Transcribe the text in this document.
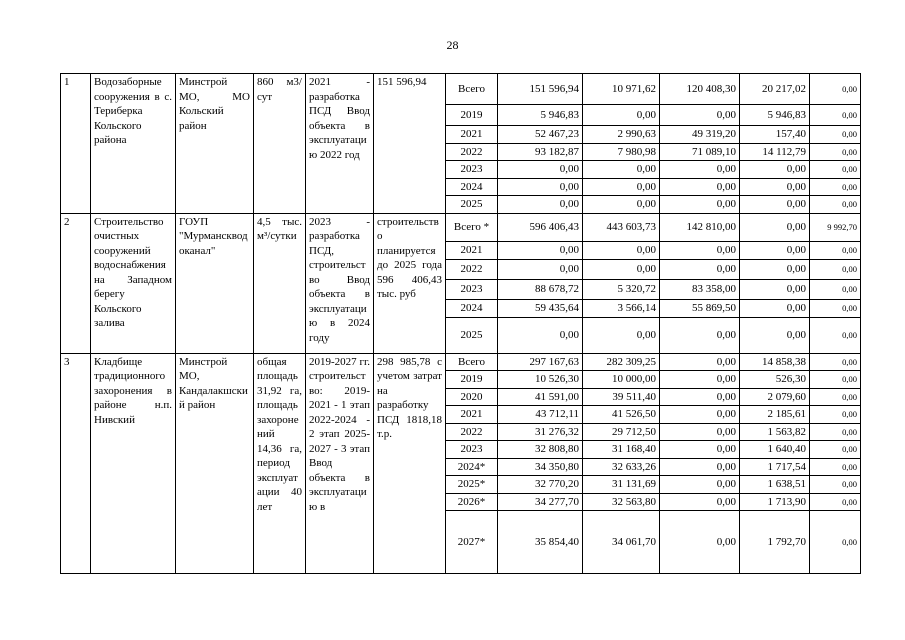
28
1	Водозаборные сооружения в с. Териберка Кольского района	Минстрой МО, МО Кольский район	860 м3/сут	2021 - разработка ПСД Ввод объекта в эксплуатацию 2022 год	151 596,94	Всего	151 596,94	10 971,62	120 408,30	20 217,02	0,00
						2019	5 946,83	0,00	0,00	5 946,83	0,00
						2021	52 467,23	2 990,63	49 319,20	157,40	0,00
						2022	93 182,87	7 980,98	71 089,10	14 112,79	0,00
						2023	0,00	0,00	0,00	0,00	0,00
						2024	0,00	0,00	0,00	0,00	0,00
						2025	0,00	0,00	0,00	0,00	0,00
2	Строительство очистных сооружений водоснабжения на Западном берегу Кольского залива	ГОУП "Мурманскводоканал"	4,5 тыс. м³/сутки	2023 - разработка ПСД, строительство Ввод объекта в эксплуатацию в 2024 году	строительство планируется до 2025 года 596 406,43 тыс. руб	Всего *	596 406,43	443 603,73	142 810,00	0,00	9 992,70
						2021	0,00	0,00	0,00	0,00	0,00
						2022	0,00	0,00	0,00	0,00	0,00
						2023	88 678,72	5 320,72	83 358,00	0,00	0,00
						2024	59 435,64	3 566,14	55 869,50	0,00	0,00
						2025	0,00	0,00	0,00	0,00	0,00
3	Кладбище традиционного захоронения в районе н.п. Нивский	Минстрой МО, Кандалакшский район	общая площадь 31,92 га, площадь захоронений 14,36 га, период эксплуатации 40 лет	2019-2027 гг. строительство: 2019-2021 - 1 этап 2022-2024 - 2 этап 2025-2027 - 3 этап Ввод объекта в эксплуатацию в	298 985,78 с учетом затрат на разработку ПСД 1818,18 т.р.	Всего	297 167,63	282 309,25	0,00	14 858,38	0,00
						2019	10 526,30	10 000,00	0,00	526,30	0,00
						2020	41 591,00	39 511,40	0,00	2 079,60	0,00
						2021	43 712,11	41 526,50	0,00	2 185,61	0,00
						2022	31 276,32	29 712,50	0,00	1 563,82	0,00
						2023	32 808,80	31 168,40	0,00	1 640,40	0,00
						2024*	34 350,80	32 633,26	0,00	1 717,54	0,00
						2025*	32 770,20	31 131,69	0,00	1 638,51	0,00
						2026*	34 277,70	32 563,80	0,00	1 713,90	0,00
						2027*	35 854,40	34 061,70	0,00	1 792,70	0,00
